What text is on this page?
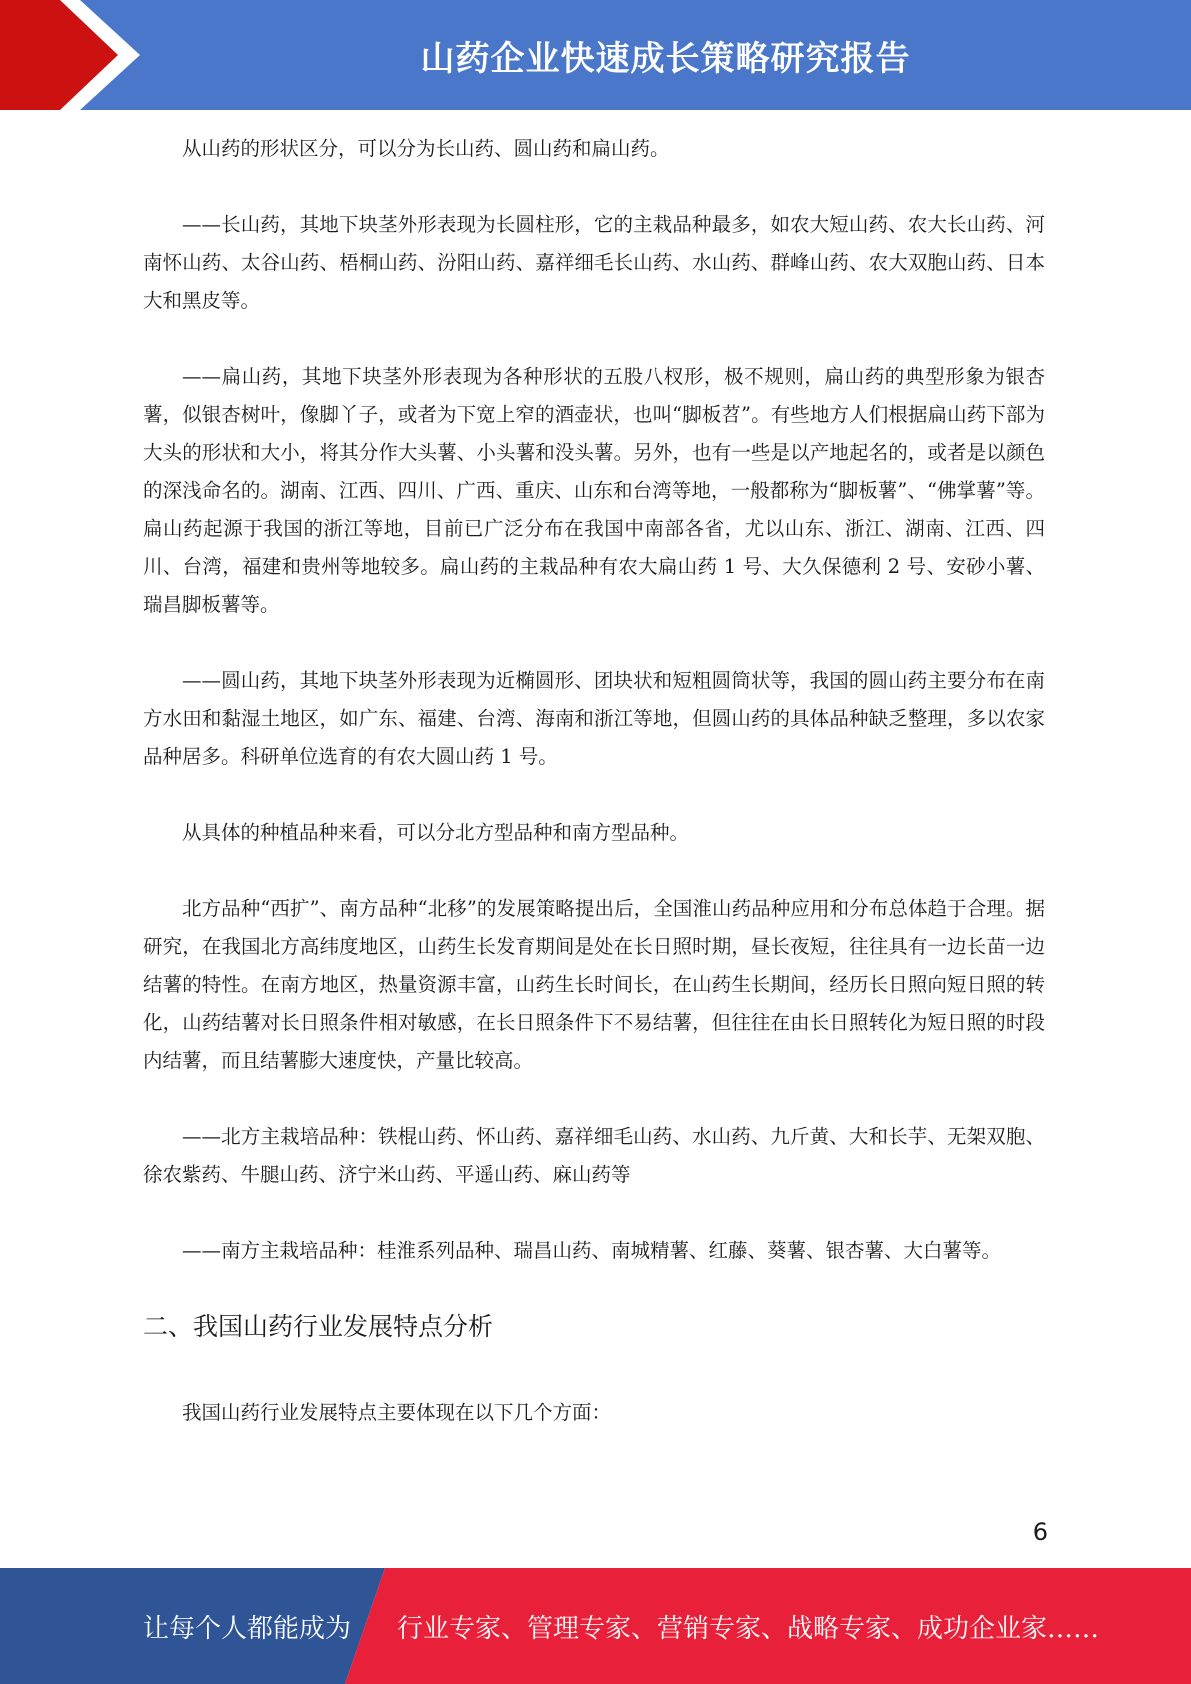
山药企业快速成长策略研究报告

从山药的形状区分，可以分为长山药、圆山药和扁山药。

——长山药，其地下块茎外形表现为长圆柱形，它的主栽品种最多，如农大短山药、农大长山药、河南怀山药、太谷山药、梧桐山药、汾阳山药、嘉祥细毛长山药、水山药、群峰山药、农大双胞山药、日本大和黑皮等。

——扁山药，其地下块茎外形表现为各种形状的五股八杈形，极不规则，扁山药的典型形象为银杏薯，似银杏树叶，像脚丫子，或者为下宽上窄的酒壶状，也叫“脚板苕”。有些地方人们根据扁山药下部为大头的形状和大小，将其分作大头薯、小头薯和没头薯。另外，也有一些是以产地起名的，或者是以颜色的深浅命名的。湖南、江西、四川、广西、重庆、山东和台湾等地，一般都称为“脚板薯”、“佛掌薯”等。扁山药起源于我国的浙江等地，目前已广泛分布在我国中南部各省，尤以山东、浙江、湖南、江西、四川、台湾，福建和贵州等地较多。扁山药的主栽品种有农大扁山药 1 号、大久保德利 2 号、安砂小薯、瑞昌脚板薯等。

——圆山药，其地下块茎外形表现为近椭圆形、团块状和短粗圆筒状等，我国的圆山药主要分布在南方水田和黏湿土地区，如广东、福建、台湾、海南和浙江等地，但圆山药的具体品种缺乏整理，多以农家品种居多。科研单位选育的有农大圆山药 1 号。

从具体的种植品种来看，可以分北方型品种和南方型品种。

北方品种“西扩”、南方品种“北移”的发展策略提出后，全国淮山药品种应用和分布总体趋于合理。据研究，在我国北方高纬度地区，山药生长发育期间是处在长日照时期，昼长夜短，往往具有一边长苗一边结薯的特性。在南方地区，热量资源丰富，山药生长时间长，在山药生长期间，经历长日照向短日照的转化，山药结薯对长日照条件相对敏感，在长日照条件下不易结薯，但往往在由长日照转化为短日照的时段内结薯，而且结薯膨大速度快，产量比较高。

——北方主栽培品种：铁棍山药、怀山药、嘉祥细毛山药、水山药、九斤黄、大和长芋、无架双胞、徐农紫药、牛腿山药、济宁米山药、平遥山药、麻山药等

——南方主栽培品种：桂淮系列品种、瑞昌山药、南城精薯、红藤、葵薯、银杏薯、大白薯等。

二、我国山药行业发展特点分析

我国山药行业发展特点主要体现在以下几个方面：

6
让每个人都能成为 行业专家、管理专家、营销专家、战略专家、成功企业家……
